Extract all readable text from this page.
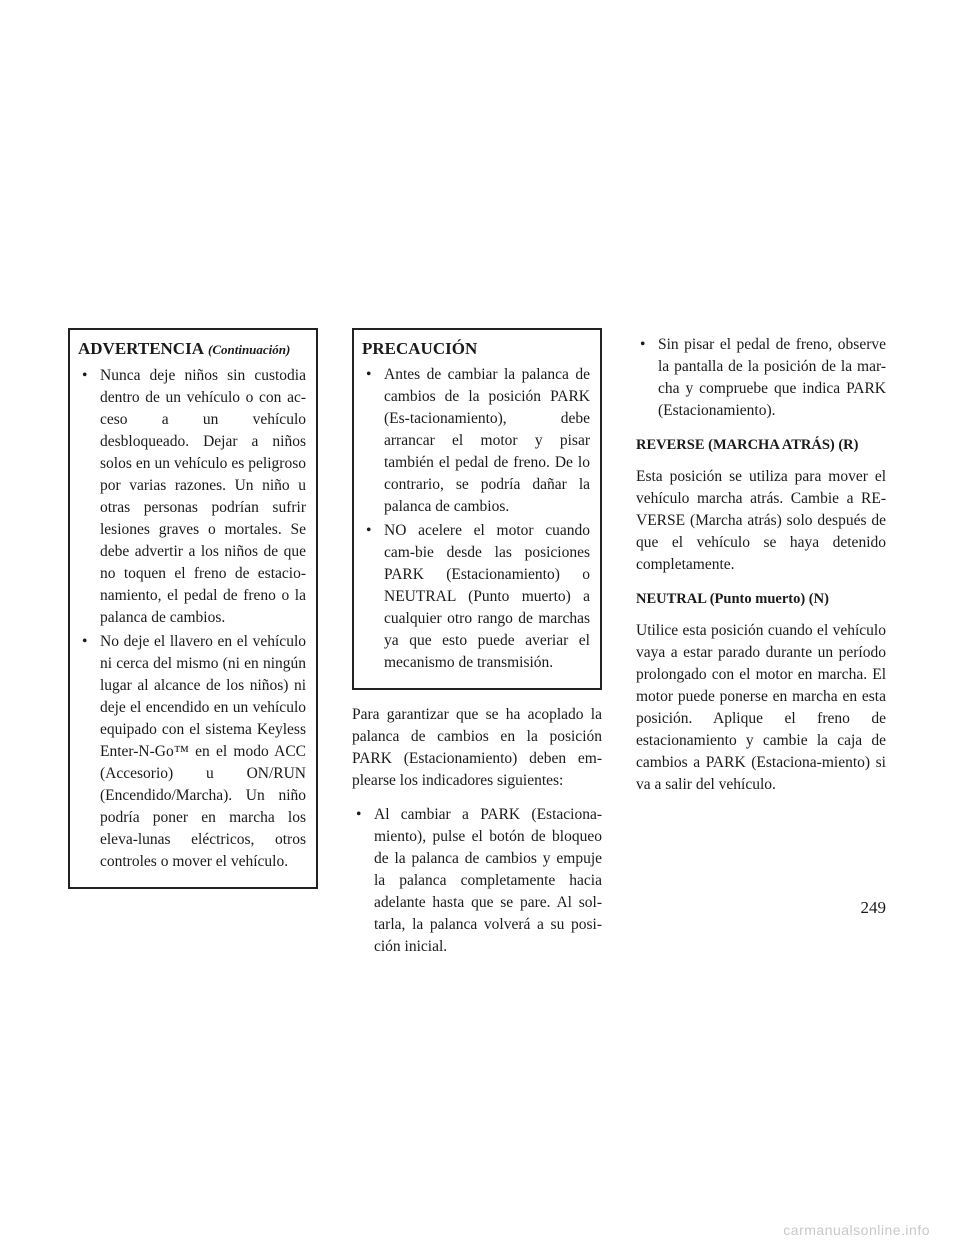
ADVERTENCIA (Continuación)
• Nunca deje niños sin custodia dentro de un vehículo o con ac-ceso a un vehículo desbloqueado. Dejar a niños solos en un vehículo es peligroso por varias razones. Un niño u otras personas podrían sufrir lesiones graves o mortales. Se debe advertir a los niños de que no toquen el freno de estacio-namiento, el pedal de freno o la palanca de cambios.
• No deje el llavero en el vehículo ni cerca del mismo (ni en ningún lugar al alcance de los niños) ni deje el encendido en un vehículo equipado con el sistema Keyless Enter-N-Go™ en el modo ACC (Accesorio) u ON/RUN (Encendido/Marcha). Un niño podría poner en marcha los eleva-lunas eléctricos, otros controles o mover el vehículo.
PRECAUCIÓN
• Antes de cambiar la palanca de cambios de la posición PARK (Es-tacionamiento), debe arrancar el motor y pisar también el pedal de freno. De lo contrario, se podría dañar la palanca de cambios.
• NO acelere el motor cuando cam-bie desde las posiciones PARK (Estacionamiento) o NEUTRAL (Punto muerto) a cualquier otro rango de marchas ya que esto puede averiar el mecanismo de transmisión.

Para garantizar que se ha acoplado la palanca de cambios en la posición PARK (Estacionamiento) deben em-plearse los indicadores siguientes:

• Al cambiar a PARK (Estaciona-miento), pulse el botón de bloqueo de la palanca de cambios y empuje la palanca completamente hacia adelante hasta que se pare. Al sol-tarla, la palanca volverá a su posi-ción inicial.
• Sin pisar el pedal de freno, observe la pantalla de la posición de la mar-cha y compruebe que indica PARK (Estacionamiento).
REVERSE (MARCHA ATRÁS) (R)

Esta posición se utiliza para mover el vehículo marcha atrás. Cambie a RE-VERSE (Marcha atrás) solo después de que el vehículo se haya detenido completamente.

NEUTRAL (Punto muerto) (N)

Utilice esta posición cuando el vehículo vaya a estar parado durante un período prolongado con el motor en marcha. El motor puede ponerse en marcha en esta posición. Aplique el freno de estacionamiento y cambie la caja de cambios a PARK (Estaciona-miento) si va a salir del vehículo.

249
carmanualsonline.info
